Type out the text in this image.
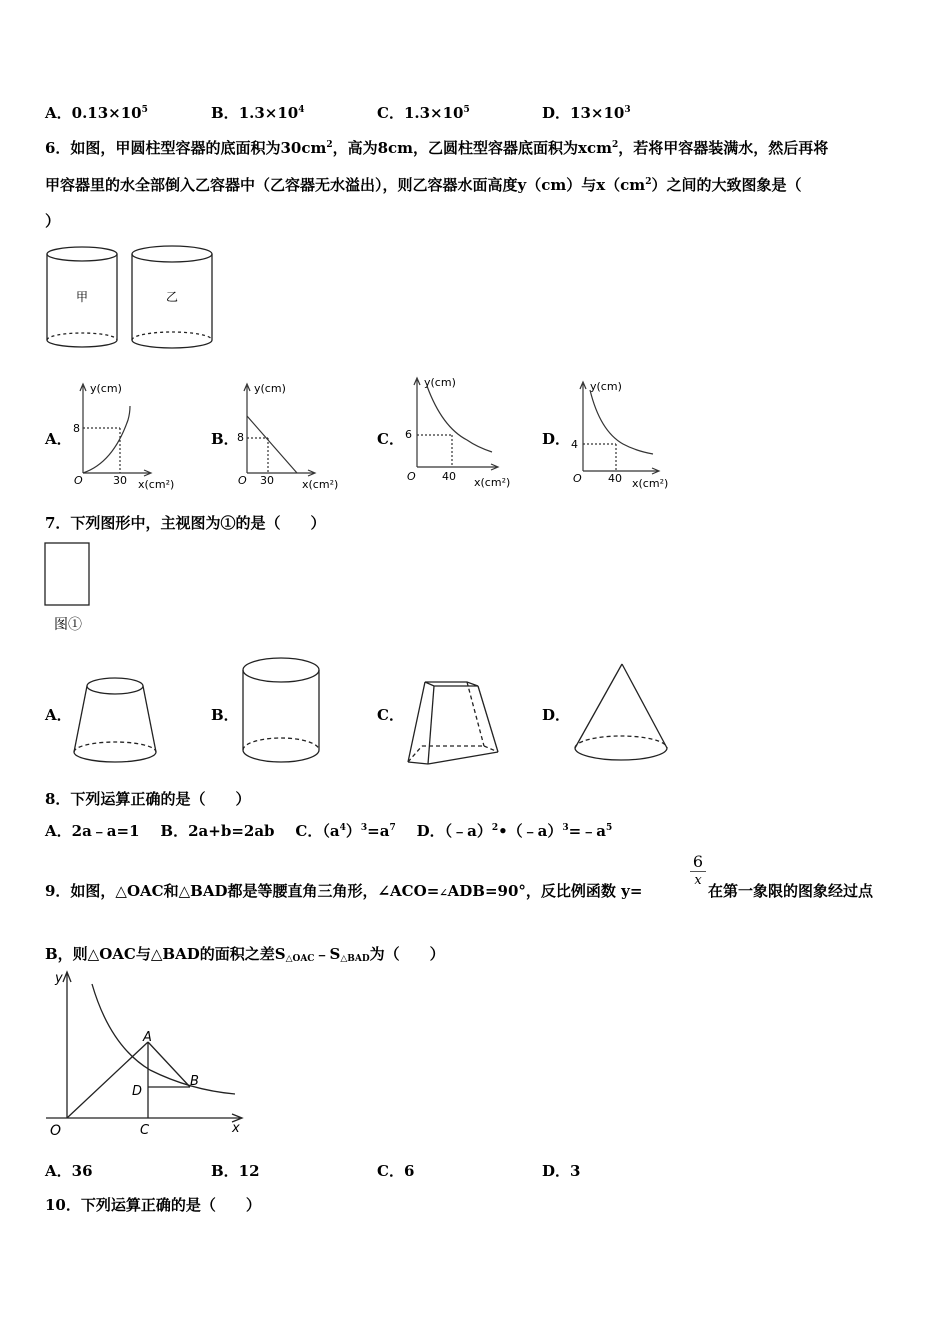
A．$0.13\times 10^5$	B．$1.3\times 10^4$	C．$1.3\times 10^5$	D．$13\times 10^3$
6．如图，甲圆柱型容器的底面积为$30cm^2$，高为8cm，乙圆柱型容器底面积为xcm$^2$，若将甲容器装满水，然后再将
甲容器里的水全部倒入乙容器中（乙容器无水溢出），则乙容器水面高度y（cm）与$x(cm^2)$之间的大致图象是（
）
甲	乙
A．
y(cm)
8
30
O	x(cm²)
B．
y(cm)
8
30
O	x(cm²)
C．
y(cm)
6
40
O	x(cm²)
D．
y(cm)
4
40
O	x(cm²)
7．下列图形中，主视图为①的是（　　）
图①
A．	B．	C．	D．
8．下列运算正确的是（　　）
A．2a﹣a=1 B．2a+b=2ab C．$(a^4)^3=a^7$ D．$(﹣a)^2•(﹣a)^3=﹣a^5$
9．如图，△OAC和△BAD都是等腰直角三角形，∠ACO=∠ADB=90°，反比例函数 y=
6
x
在第一象限的图象经过点
B，则△OAC与△BAD的面积之差$S_{\triangle OAC}﹣S_{\triangle BAD}$为（　　）
y
x
O
A
B
C
D
A．36	B．12	C．6	D．3
10．下列运算正确的是（　　）
